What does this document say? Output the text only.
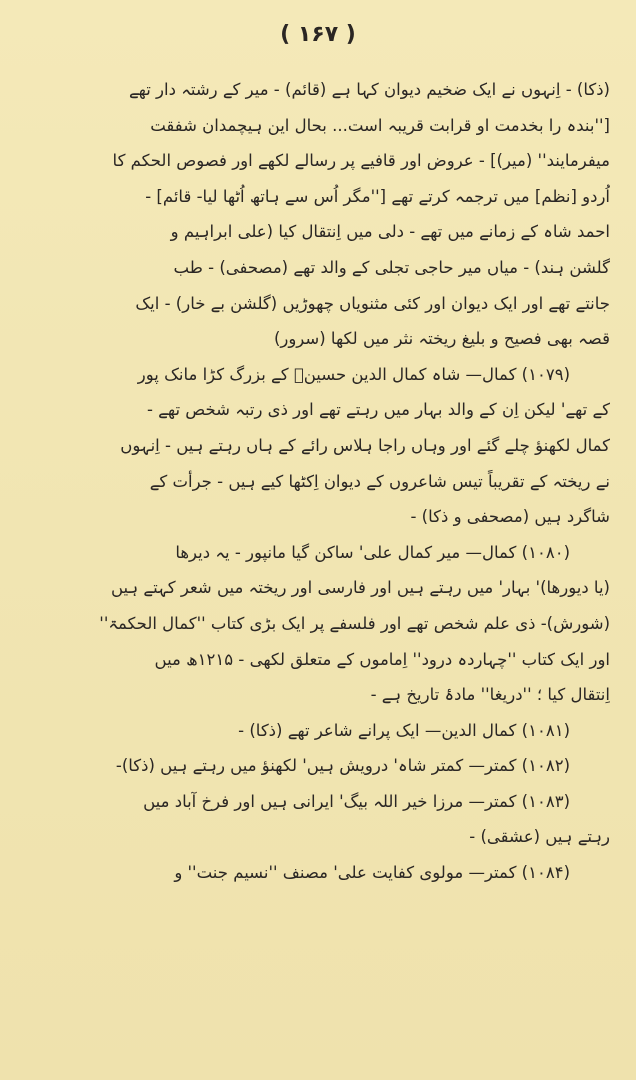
( ۱۶۷ )
(ذکا) - اِنہوں نے ایک ضخیم دیوان کہا ہے (قائم) - میر کے رشتہ دار تھے
[''بندہ را بخدمت او قرابت قریبہ است... بحال این ہیچمدان شفقت
میفرمایند'' (میر)] - عروض اور قافیے پر رسالے لکھے اور فصوص الحکم کا
اُردو [نظم] میں ترجمہ کرتے تھے [''مگر اُس سے ہاتھ اُٹھا لیا- قائم] -
احمد شاہ کے زمانے میں تھے - دلی میں اِنتقال کیا (علی ابراہیم و
گلشن ہند) - میاں میر حاجی تجلی کے والد تھے (مصحفی) - طب
جانتے تھے اور ایک دیوان اور کئی مثنویاں چھوڑیں (گلشن بے خار) - ایک
قصہ بھی فصیح و بلیغ ریختہ نثر میں لکھا (سرور)
(۱۰۷۹) کمال— شاہ کمال الدین حسینؔ کے بزرگ کڑا مانک پور
کے تھے' لیکن اِن کے والد بہار میں رہتے تھے اور ذی رتبہ شخص تھے -
کمال لکھنؤ چلے گئے اور وہاں راجا ہلاس رائے کے ہاں رہتے ہیں - اِنہوں
نے ریختہ کے تقریباً تیس شاعروں کے دیوان اِکٹھا کیے ہیں - جرأت کے
شاگرد ہیں (مصحفی و ذکا) -
(۱۰۸۰) کمال— میر کمال علی' ساکن گیا مانپور - یہ دیرھا
(یا دیورھا)' بہار' میں رہتے ہیں اور فارسی اور ریختہ میں شعر کہتے ہیں
(شورش)- ذی علم شخص تھے اور فلسفے پر ایک بڑی کتاب ''کمال الحکمۃ''
اور ایک کتاب ''چہاردہ درود'' اِماموں کے متعلق لکھی - ۱۲۱۵ھ میں
اِنتقال کیا ؛ ''دریغا'' مادۂ تاریخ ہے -
(۱۰۸۱) کمال الدین— ایک پرانے شاعر تھے (ذکا) -
(۱۰۸۲) کمتر— کمتر شاہ' درویش ہیں' لکھنؤ میں رہتے ہیں (ذکا)-
(۱۰۸۳) کمتر— مرزا خیر اللہ بیگ' ایرانی ہیں اور فرخ آباد میں
رہتے ہیں (عشقی) -
(۱۰۸۴) کمتر— مولوی کفایت علی' مصنف ''نسیم جنت'' و
